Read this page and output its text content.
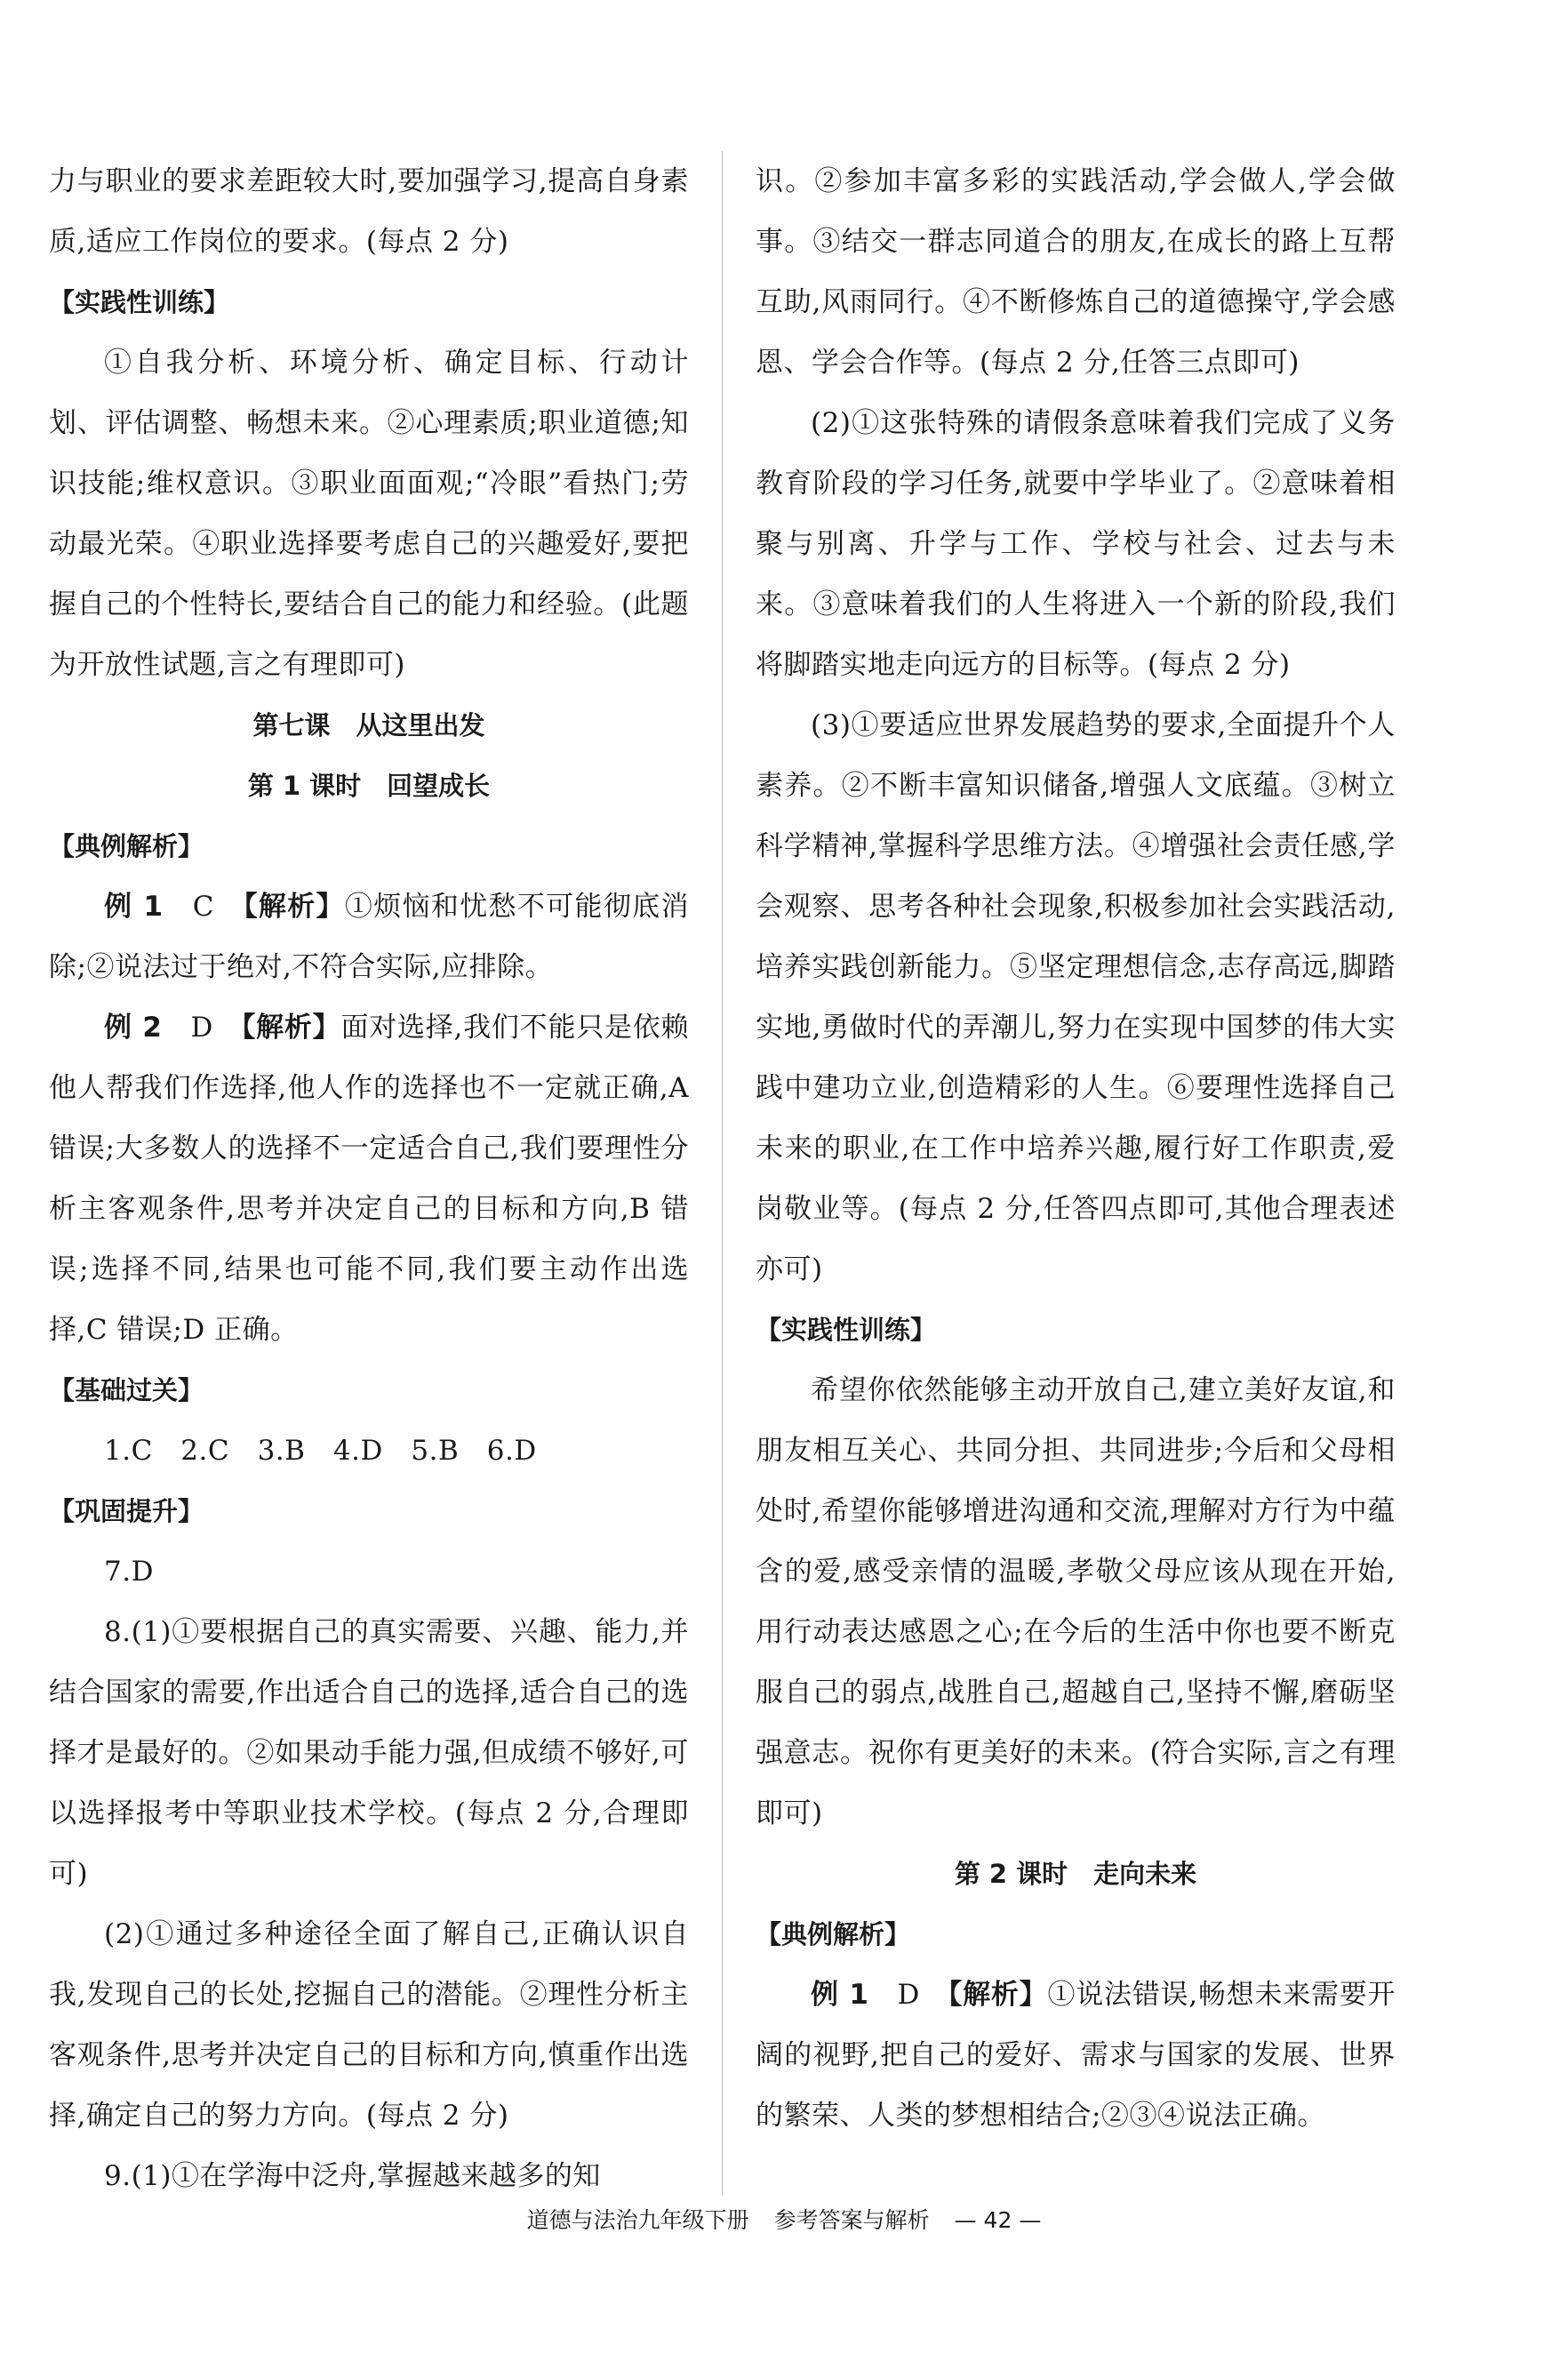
力与职业的要求差距较大时,要加强学习,提高自身素质,适应工作岗位的要求。(每点 2 分)
【实践性训练】
①自我分析、环境分析、确定目标、行动计划、评估调整、畅想未来。②心理素质;职业道德;知识技能;维权意识。③职业面面观;“冷眼”看热门;劳动最光荣。④职业选择要考虑自己的兴趣爱好,要把握自己的个性特长,要结合自己的能力和经验。(此题为开放性试题,言之有理即可)
第七课　从这里出发
第 1 课时　回望成长
【典例解析】
例 1　 C　 【解析】①烦恼和忧愁不可能彻底消除;②说法过于绝对,不符合实际,应排除。
例 2　 D　 【解析】面对选择,我们不能只是依赖他人帮我们作选择,他人作的选择也不一定就正确,A 错误;大多数人的选择不一定适合自己,我们要理性分析主客观条件,思考并决定自己的目标和方向,B 错误;选择不同,结果也可能不同,我们要主动作出选择,C 错误;D 正确。
【基础过关】
1.C　2.C　3.B　4.D　5.B　6.D
【巩固提升】
7.D
8.(1)①要根据自己的真实需要、兴趣、能力,并结合国家的需要,作出适合自己的选择,适合自己的选择才是最好的。②如果动手能力强,但成绩不够好,可以选择报考中等职业技术学校。(每点 2 分,合理即可)
(2)①通过多种途径全面了解自己,正确认识自我,发现自己的长处,挖掘自己的潜能。②理性分析主客观条件,思考并决定自己的目标和方向,慎重作出选择,确定自己的努力方向。(每点 2 分)
9.(1)①在学海中泛舟,掌握越来越多的知
识。②参加丰富多彩的实践活动,学会做人,学会做事。③结交一群志同道合的朋友,在成长的路上互帮互助,风雨同行。④不断修炼自己的道德操守,学会感恩、学会合作等。(每点 2 分,任答三点即可)
(2)①这张特殊的请假条意味着我们完成了义务教育阶段的学习任务,就要中学毕业了。②意味着相聚与别离、升学与工作、学校与社会、过去与未来。③意味着我们的人生将进入一个新的阶段,我们将脚踏实地走向远方的目标等。(每点 2 分)
(3)①要适应世界发展趋势的要求,全面提升个人素养。②不断丰富知识储备,增强人文底蕴。③树立科学精神,掌握科学思维方法。④增强社会责任感,学会观察、思考各种社会现象,积极参加社会实践活动,培养实践创新能力。⑤坚定理想信念,志存高远,脚踏实地,勇做时代的弄潮儿,努力在实现中国梦的伟大实践中建功立业,创造精彩的人生。⑥要理性选择自己未来的职业,在工作中培养兴趣,履行好工作职责,爱岗敬业等。(每点 2 分,任答四点即可,其他合理表述亦可)
【实践性训练】
希望你依然能够主动开放自己,建立美好友谊,和朋友相互关心、共同分担、共同进步;今后和父母相处时,希望你能够增进沟通和交流,理解对方行为中蕴含的爱,感受亲情的温暖,孝敬父母应该从现在开始,用行动表达感恩之心;在今后的生活中你也要不断克服自己的弱点,战胜自己,超越自己,坚持不懈,磨砺坚强意志。祝你有更美好的未来。(符合实际,言之有理即可)
第 2 课时　走向未来
【典例解析】
例 1　 D　 【解析】①说法错误,畅想未来需要开阔的视野,把自己的爱好、需求与国家的发展、世界的繁荣、人类的梦想相结合;②③④说法正确。
道德与法治九年级下册 参考答案与解析 — 42 —
